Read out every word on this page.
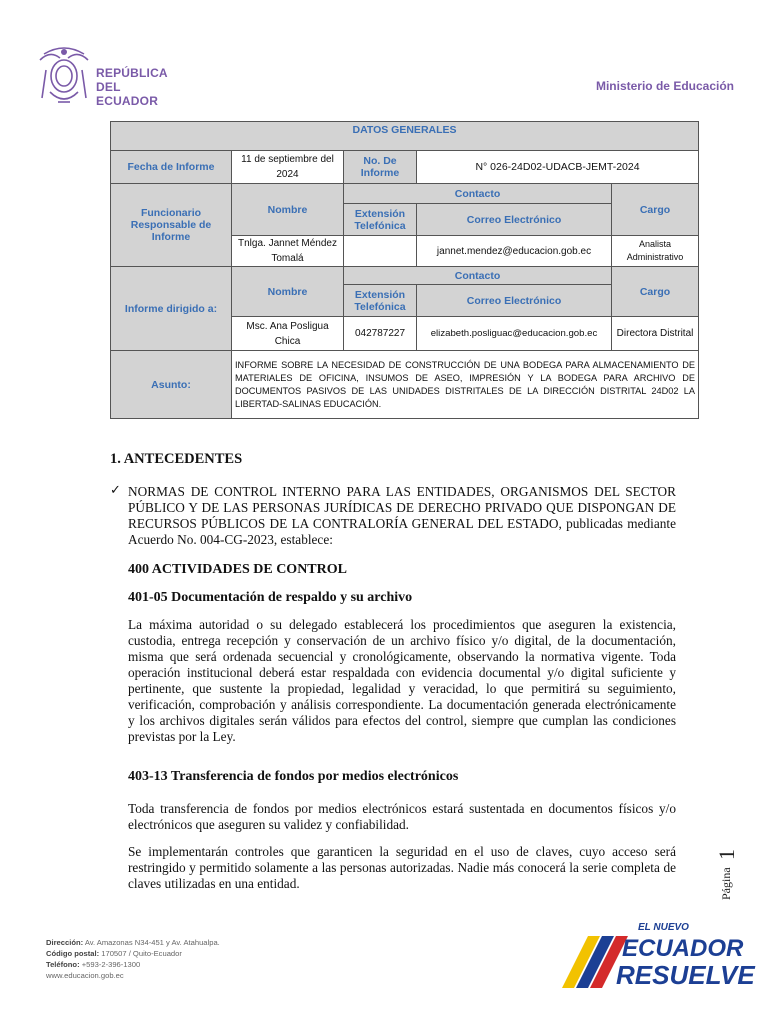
REPÚBLICA
DEL ECUADOR
Ministerio de Educación
DATOS GENERALES				
Fecha de Informe	11 de septiembre del 2024	No. De Informe	N° 026-24D02-UDACB-JEMT-2024	
Funcionario Responsable de Informe	Nombre	Contacto		Cargo
		Extensión Telefónica	Correo Electrónico	
	Tnlga. Jannet Méndez Tomalá		jannet.mendez@educacion.gob.ec	Analista Administrativo
Informe dirigido a:	Nombre	Contacto		Cargo
		Extensión Telefónica	Correo Electrónico	
	Msc. Ana Posligua Chica	042787227	elizabeth.posliguac@educacion.gob.ec	Directora Distrital
Asunto:	INFORME SOBRE LA NECESIDAD DE CONSTRUCCIÓN DE UNA BODEGA PARA ALMACENAMIENTO DE MATERIALES DE OFICINA, INSUMOS DE ASEO, IMPRESIÓN Y LA BODEGA PARA ARCHIVO DE DOCUMENTOS PASIVOS DE LAS UNIDADES DISTRITALES DE LA DIRECCIÓN DISTRITAL 24D02 LA LIBERTAD-SALINAS EDUCACIÓN.			
1. ANTECEDENTES
✓ NORMAS DE CONTROL INTERNO PARA LAS ENTIDADES, ORGANISMOS DEL SECTOR PÚBLICO Y DE LAS PERSONAS JURÍDICAS DE DERECHO PRIVADO QUE DISPONGAN DE RECURSOS PÚBLICOS DE LA CONTRALORÍA GENERAL DEL ESTADO, publicadas mediante Acuerdo No. 004-CG-2023, establece:

400 ACTIVIDADES DE CONTROL

401-05 Documentación de respaldo y su archivo

La máxima autoridad o su delegado establecerá los procedimientos que aseguren la existencia, custodia, entrega recepción y conservación de un archivo físico y/o digital, de la documentación, misma que será ordenada secuencial y cronológicamente, observando la normativa vigente. Toda operación institucional deberá estar respaldada con evidencia documental y/o digital suficiente y pertinente, que sustente la propiedad, legalidad y veracidad, lo que permitirá su seguimiento, verificación, comprobación y análisis correspondiente. La documentación generada electrónicamente y los archivos digitales serán válidos para efectos del control, siempre que cumplan las condiciones previstas por la Ley.

403-13 Transferencia de fondos por medios electrónicos

Toda transferencia de fondos por medios electrónicos estará sustentada en documentos físicos y/o electrónicos que aseguren su validez y confiabilidad.

Se implementarán controles que garanticen la seguridad en el uso de claves, cuyo acceso será restringido y permitido solamente a las personas autorizadas. Nadie más conocerá la serie completa de claves utilizadas en una entidad.	Página
1
Dirección: Av. Amazonas N34-451 y Av. Atahualpa.
Código postal: 170507 / Quito-Ecuador
Teléfono: +593-2-396-1300
www.educacion.gob.ec
EL NUEVO
ECUADOR
RESUELVE
